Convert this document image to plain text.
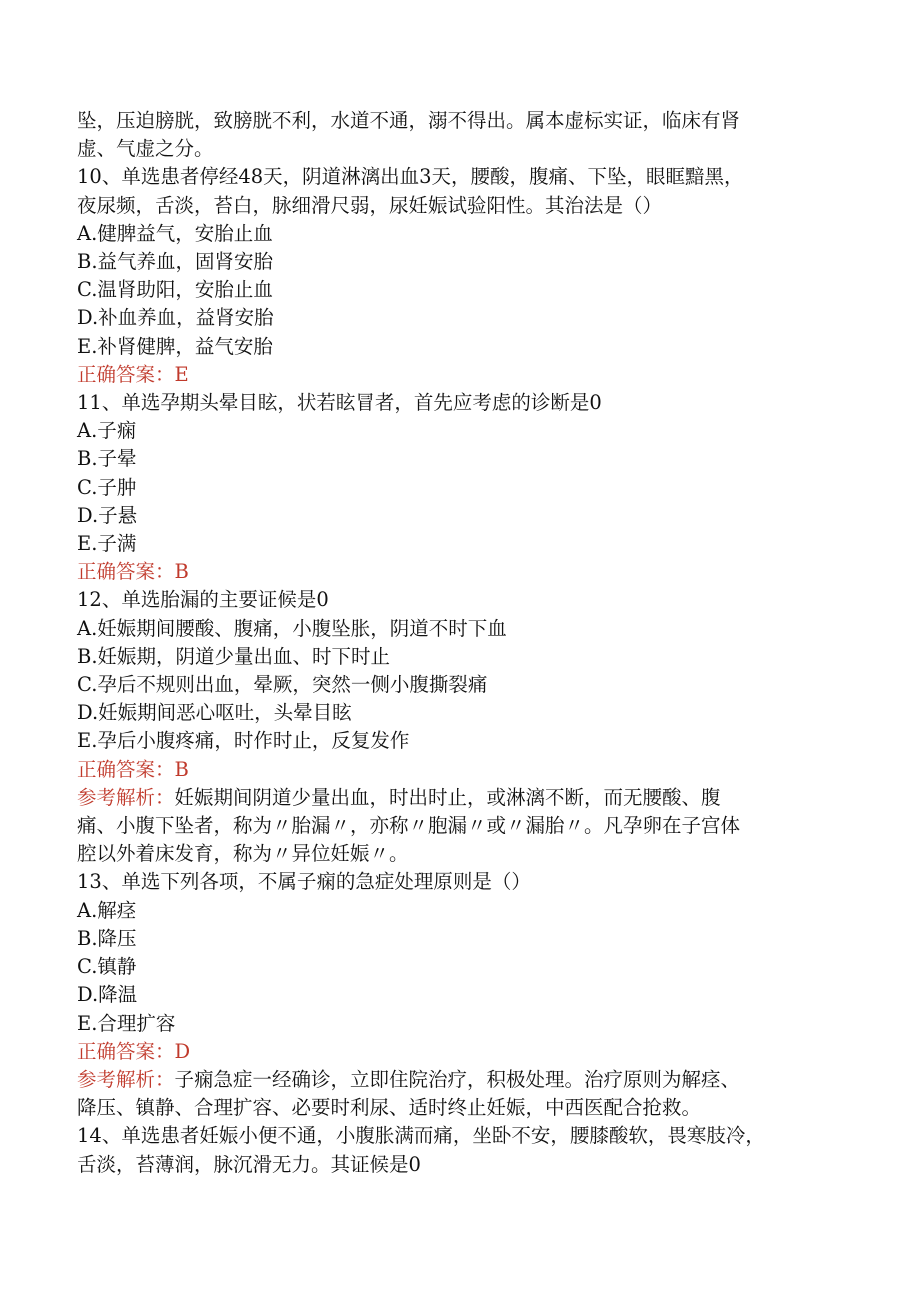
坠，压迫膀胱，致膀胱不利，水道不通，溺不得出。属本虚标实证，临床有肾
虚、气虚之分。
10、单选患者停经48天，阴道淋漓出血3天，腰酸，腹痛、下坠，眼眶黯黑，
夜尿频，舌淡，苔白，脉细滑尺弱，尿妊娠试验阳性。其治法是（）
A.健脾益气，安胎止血
B.益气养血，固肾安胎
C.温肾助阳，安胎止血
D.补血养血，益肾安胎
E.补肾健脾，益气安胎
正确答案：E
11、单选孕期头晕目眩，状若眩冒者，首先应考虑的诊断是0
A.子痫
B.子晕
C.子肿
D.子悬
E.子满
正确答案：B
12、单选胎漏的主要证候是0
A.妊娠期间腰酸、腹痛，小腹坠胀，阴道不时下血
B.妊娠期，阴道少量出血、时下时止
C.孕后不规则出血，晕厥，突然一侧小腹撕裂痛
D.妊娠期间恶心呕吐，头晕目眩
E.孕后小腹疼痛，时作时止，反复发作
正确答案：B
参考解析：妊娠期间阴道少量出血，时出时止，或淋漓不断，而无腰酸、腹
痛、小腹下坠者，称为〃胎漏〃，亦称〃胞漏〃或〃漏胎〃。凡孕卵在子宫体
腔以外着床发育，称为〃异位妊娠〃。
13、单选下列各项，不属子痫的急症处理原则是（）
A.解痉
B.降压
C.镇静
D.降温
E.合理扩容
正确答案：D
参考解析：子痫急症一经确诊，立即住院治疗，积极处理。治疗原则为解痉、
降压、镇静、合理扩容、必要时利尿、适时终止妊娠，中西医配合抢救。
14、单选患者妊娠小便不通，小腹胀满而痛，坐卧不安，腰膝酸软，畏寒肢冷，
舌淡，苔薄润，脉沉滑无力。其证候是0
